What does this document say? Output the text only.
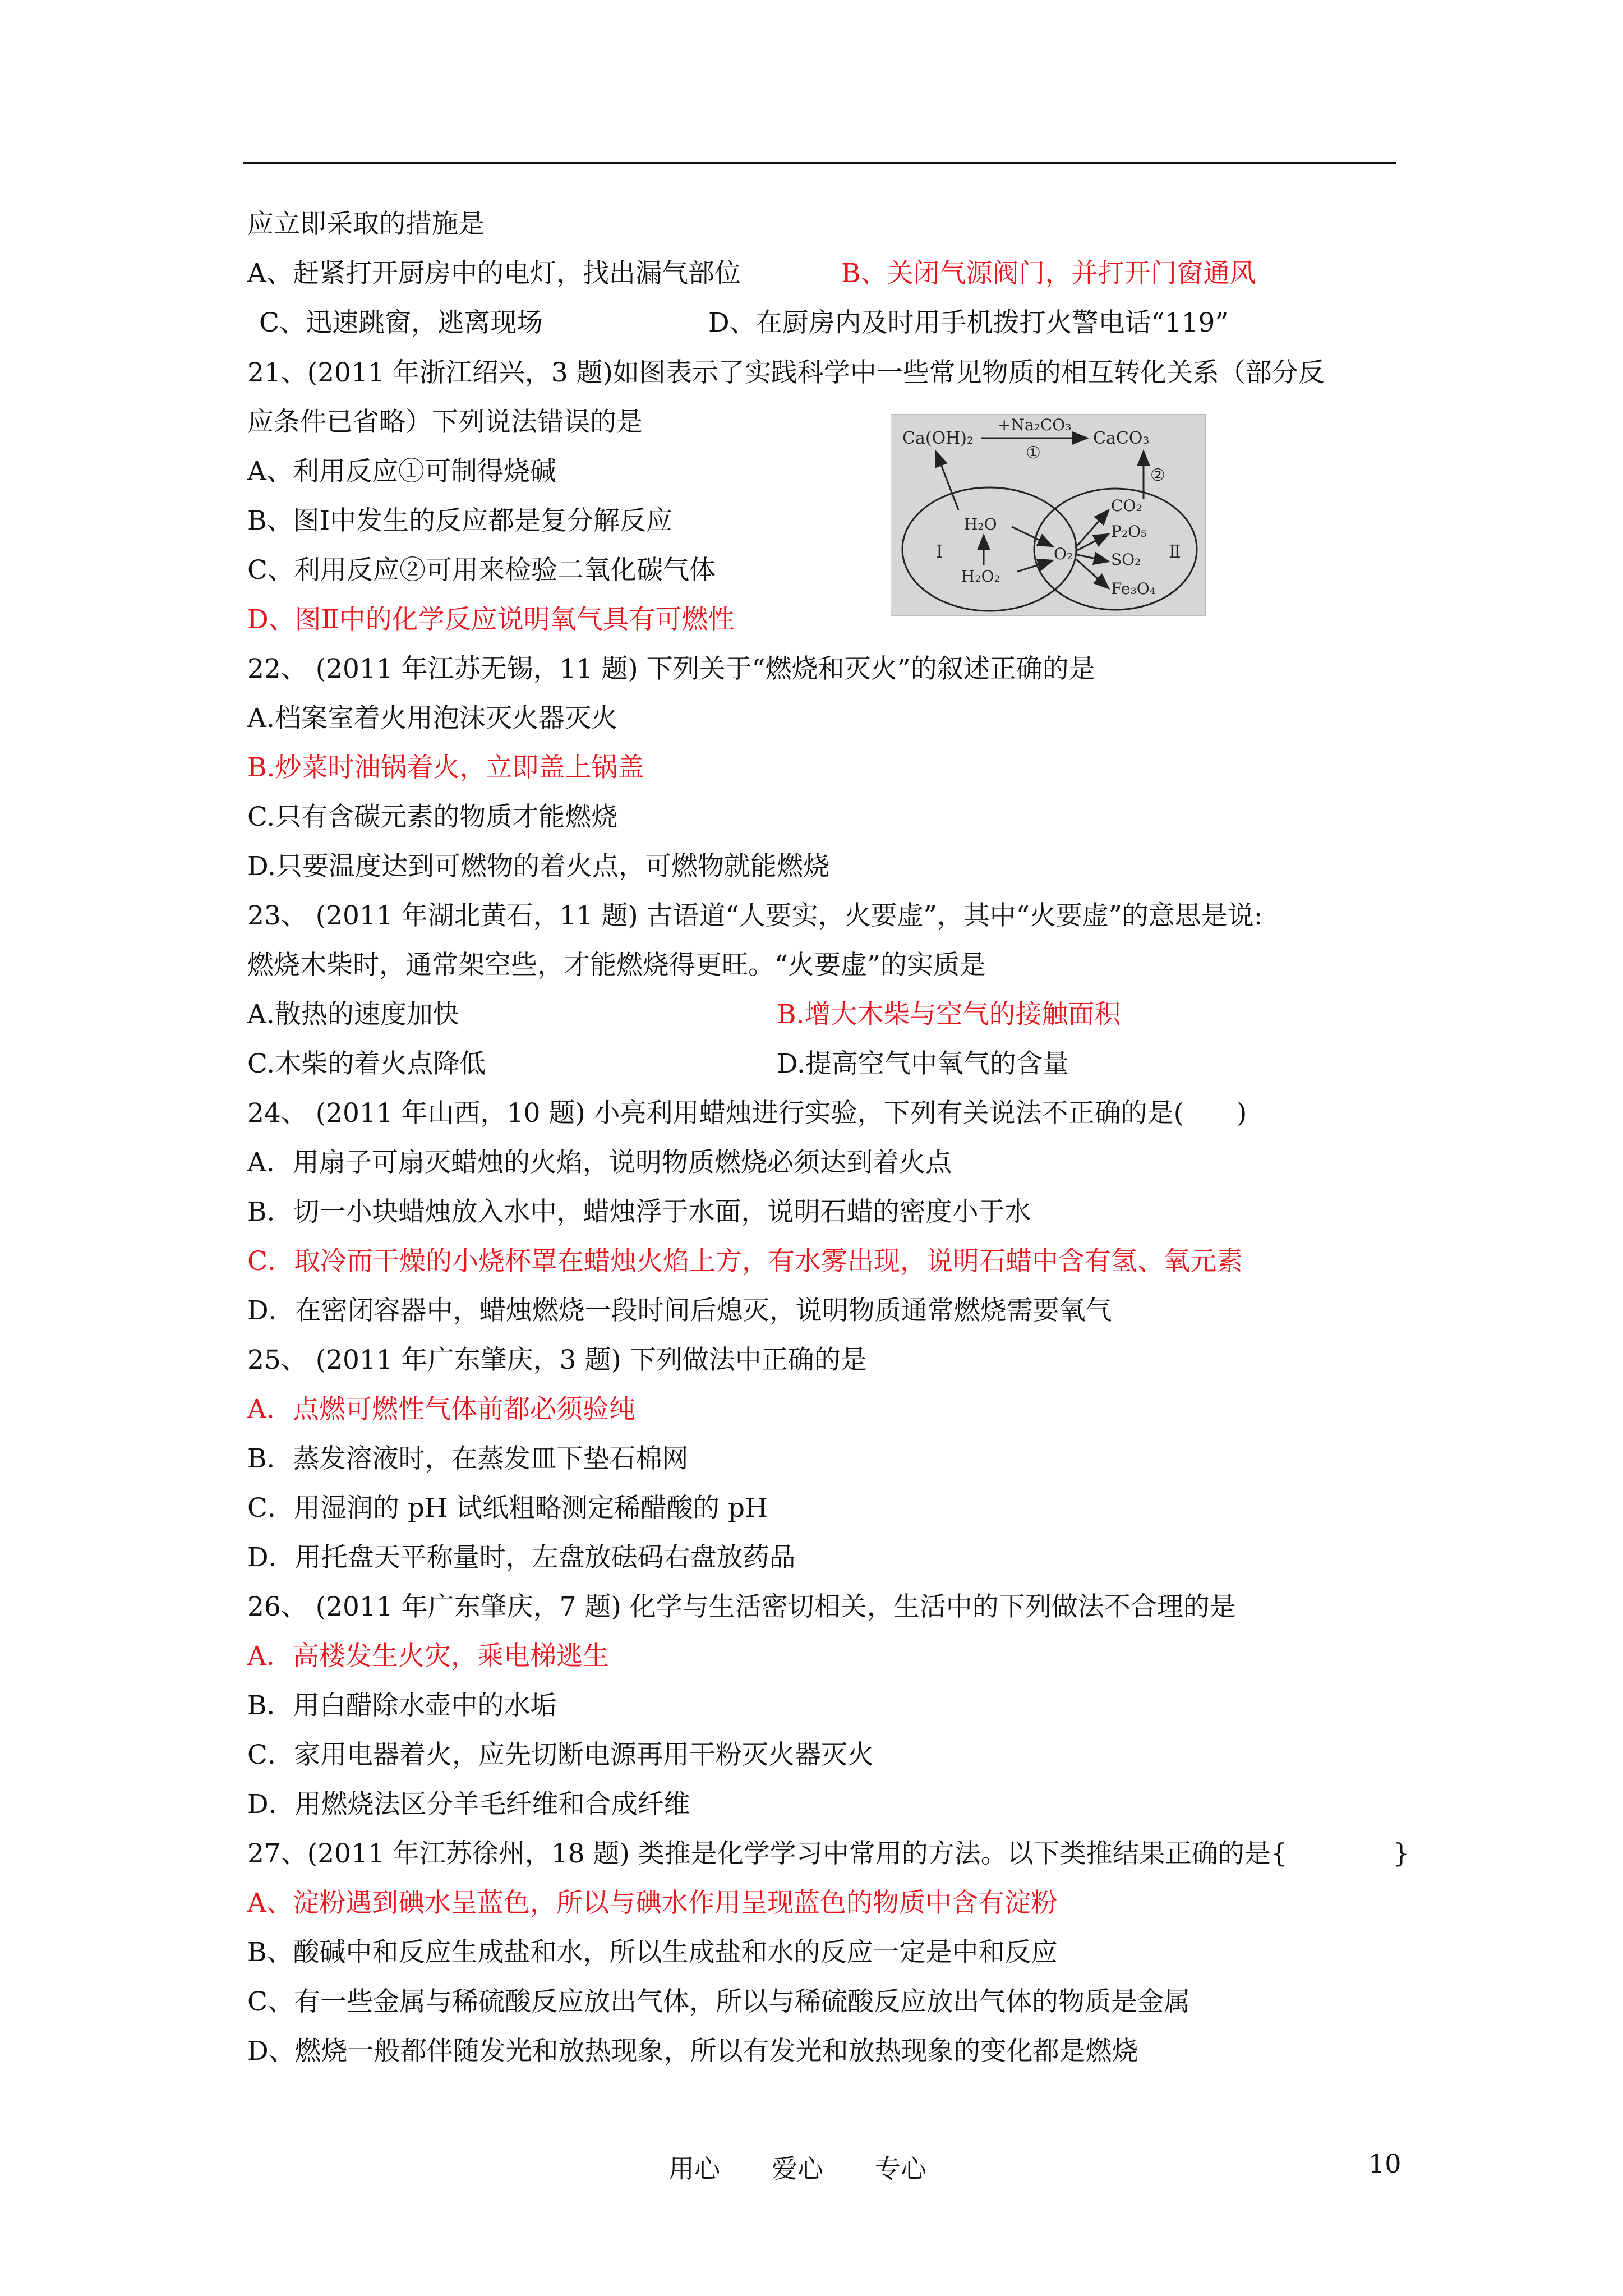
应立即采取的措施是
A、赶紧打开厨房中的电灯，找出漏气部位	B、关闭气源阀门，并打开门窗通风
C、迅速跳窗，逃离现场	D、在厨房内及时用手机拨打火警电话“119”
21、(2011 年浙江绍兴，3 题)如图表示了实践科学中一些常见物质的相互转化关系（部分反
应条件已省略）下列说法错误的是
A、利用反应①可制得烧碱
B、图Ⅰ中发生的反应都是复分解反应
C、利用反应②可用来检验二氧化碳气体
D、图Ⅱ中的化学反应说明氧气具有可燃性
Ca(OH)₂
+Na₂CO₃
①
CaCO₃
②
Ⅰ
H₂O
H₂O₂
O₂
CO₂
P₂O₅
SO₂
Fe₃O₄
Ⅱ
22、 (2011 年江苏无锡，11 题) 下列关于“燃烧和灭火”的叙述正确的是
A.档案室着火用泡沫灭火器灭火
B.炒菜时油锅着火，立即盖上锅盖
C.只有含碳元素的物质才能燃烧
D.只要温度达到可燃物的着火点，可燃物就能燃烧
23、 (2011 年湖北黄石，11 题) 古语道“人要实，火要虚”，其中“火要虚”的意思是说:
燃烧木柴时，通常架空些，才能燃烧得更旺。“火要虚”的实质是
A.散热的速度加快	B.增大木柴与空气的接触面积
C.木柴的着火点降低	D.提高空气中氧气的含量
24、 (2011 年山西，10 题) 小亮利用蜡烛进行实验，下列有关说法不正确的是(　　)
A．用扇子可扇灭蜡烛的火焰，说明物质燃烧必须达到着火点
B．切一小块蜡烛放入水中，蜡烛浮于水面，说明石蜡的密度小于水
C．取冷而干燥的小烧杯罩在蜡烛火焰上方，有水雾出现，说明石蜡中含有氢、氧元素
D．在密闭容器中，蜡烛燃烧一段时间后熄灭，说明物质通常燃烧需要氧气
25、 (2011 年广东肇庆，3 题) 下列做法中正确的是
A．点燃可燃性气体前都必须验纯
B．蒸发溶液时，在蒸发皿下垫石棉网
C．用湿润的 pH 试纸粗略测定稀醋酸的 pH
D．用托盘天平称量时，左盘放砝码右盘放药品
26、 (2011 年广东肇庆，7 题) 化学与生活密切相关，生活中的下列做法不合理的是
A．高楼发生火灾，乘电梯逃生
B．用白醋除水壶中的水垢
C．家用电器着火，应先切断电源再用干粉灭火器灭火
D．用燃烧法区分羊毛纤维和合成纤维
27、(2011 年江苏徐州，18 题) 类推是化学学习中常用的方法。以下类推结果正确的是{　　　　}
A、淀粉遇到碘水呈蓝色，所以与碘水作用呈现蓝色的物质中含有淀粉
B、酸碱中和反应生成盐和水，所以生成盐和水的反应一定是中和反应
C、有一些金属与稀硫酸反应放出气体，所以与稀硫酸反应放出气体的物质是金属
D、燃烧一般都伴随发光和放热现象，所以有发光和放热现象的变化都是燃烧
用心　　爱心　　专心	10
